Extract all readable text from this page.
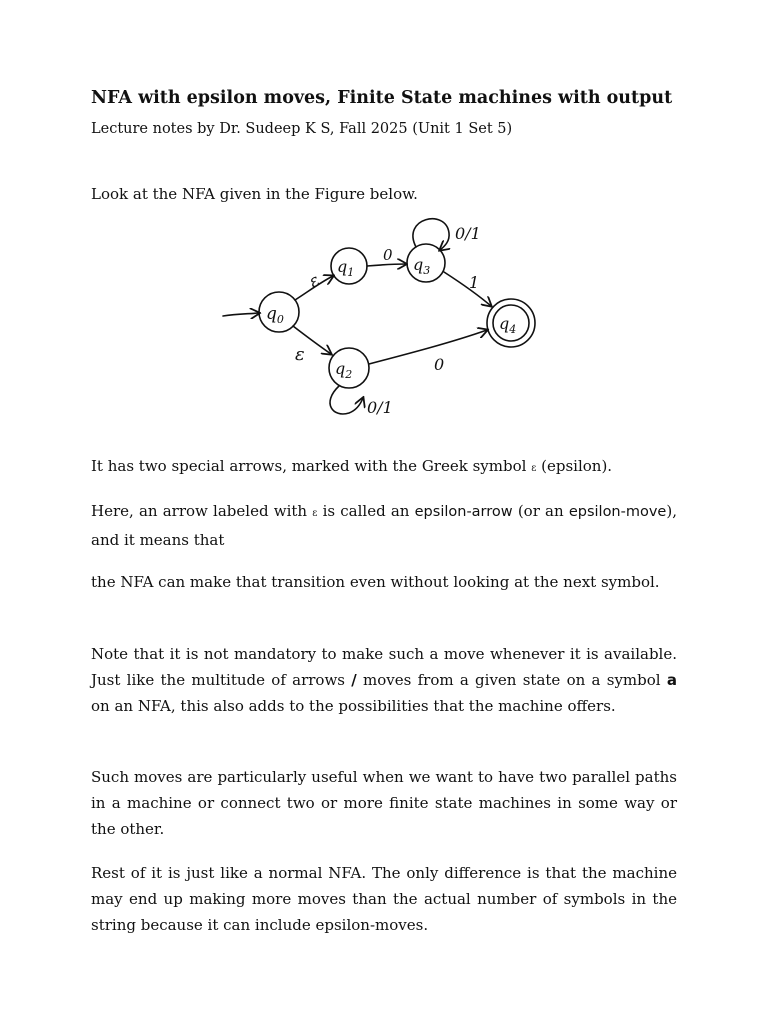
NFA with epsilon moves, Finite State machines with output
Lecture notes by Dr. Sudeep K S, Fall 2025 (Unit 1 Set 5)
Look at the NFA given in the Figure below.
$q_0$
$q_1$	$q_3$
$q_2$
$q_4$
ε
ε
0
0/1
1
0
0/1

It has two special arrows, marked with the Greek symbol ε (epsilon).

Here, an arrow labeled with ε is called an epsilon-arrow (or an epsilon-move), and it means that

the NFA can make that transition even without looking at the next symbol.

Note that it is not mandatory to make such a move whenever it is available. Just like the multitude of arrows / moves from a given state on a symbol a on an NFA, this also adds to the possibilities that the machine offers.

Such moves are particularly useful when we want to have two parallel paths in a machine or connect two or more finite state machines in some way or the other.

Rest of it is just like a normal NFA. The only difference is that the machine may end up making more moves than the actual number of symbols in the string because it can include epsilon-moves.
